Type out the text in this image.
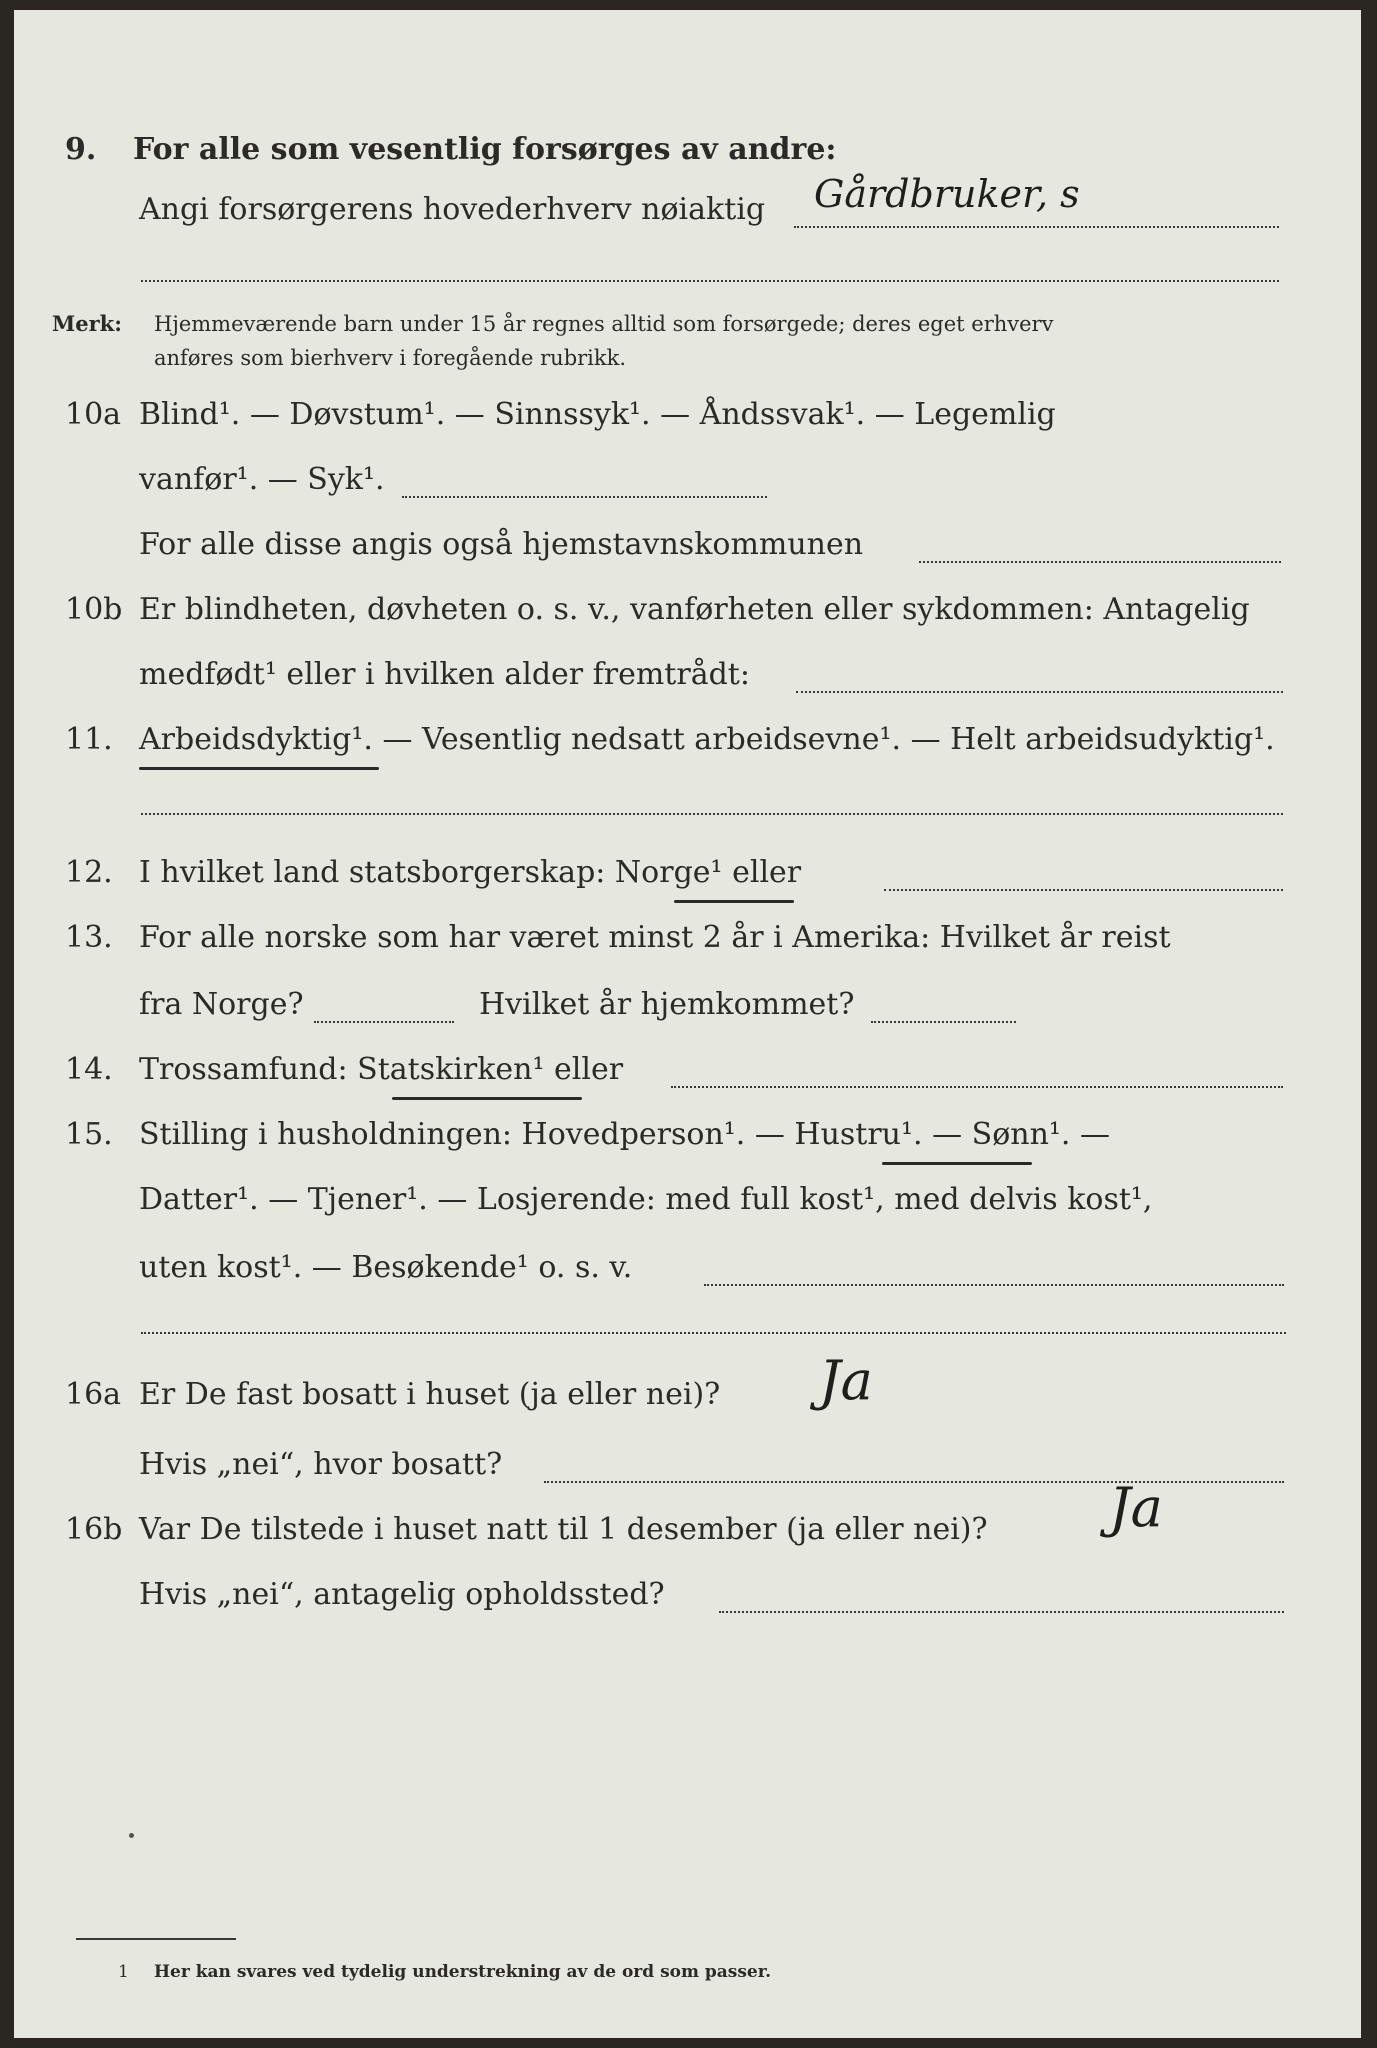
9. For alle som vesentlig forsørges av andre:
Angi forsørgerens hovederhverv nøiaktig Gårdbruker, s
Merk: Hjemmeværende barn under 15 år regnes alltid som forsørgede; deres eget erhverv
anføres som bierhverv i foregående rubrikk.
10a Blind¹. — Døvstum¹. — Sinnssyk¹. — Åndssvak¹. — Legemlig
vanfør¹. — Syk¹.
For alle disse angis også hjemstavnskommunen
10b Er blindheten, døvheten o. s. v., vanførheten eller sykdommen: Antagelig
medfødt¹ eller i hvilken alder fremtrådt:
11. Arbeidsdyktig¹. — Vesentlig nedsatt arbeidsevne¹. — Helt arbeidsudyktig¹.
12. I hvilket land statsborgerskap: Norge¹ eller
13. For alle norske som har været minst 2 år i Amerika: Hvilket år reist
fra Norge?	Hvilket år hjemkommet?
14. Trossamfund: Statskirken¹ eller
15. Stilling i husholdningen: Hovedperson¹. — Hustru¹. — Sønn¹. —
Datter¹. — Tjener¹. — Losjerende: med full kost¹, med delvis kost¹,
uten kost¹. — Besøkende¹ o. s. v.
16a Er De fast bosatt i huset (ja eller nei)? Ja
Hvis „nei“, hvor bosatt?
16b Var De tilstede i huset natt til 1 desember (ja eller nei)? Ja
Hvis „nei“, antagelig opholdssted?
1 Her kan svares ved tydelig understrekning av de ord som passer.
